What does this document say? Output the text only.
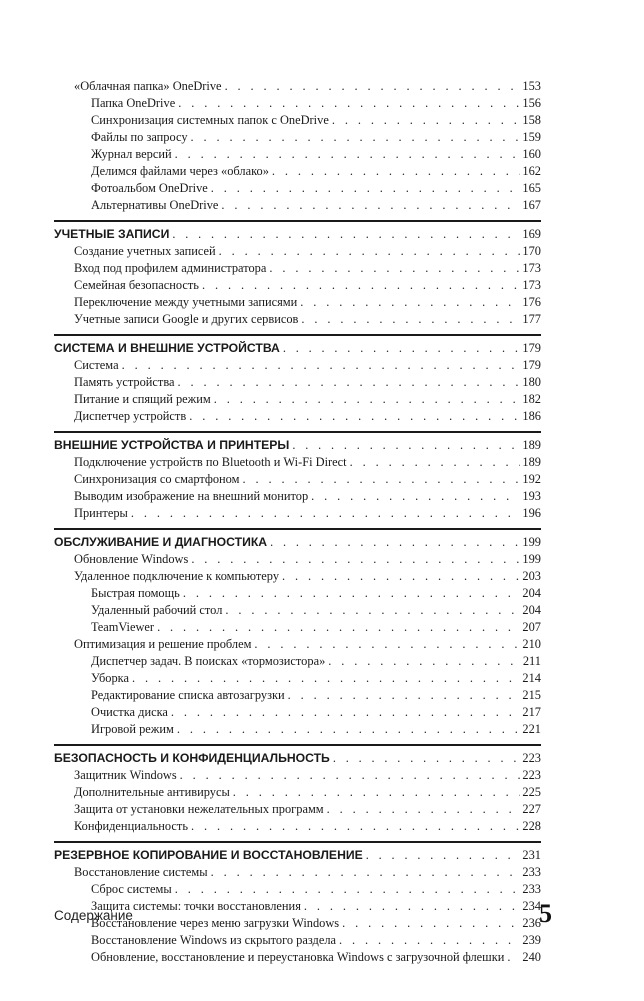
«Облачная папка» OneDrive . . .	153
Папка OneDrive . . .	156
Синхронизация системных папок с OneDrive . . .	158
Файлы по запросу . . .	159
Журнал версий . . .	160
Делимся файлами через «облако» . . .	162
Фотоальбом OneDrive . . .	165
Альтернативы OneDrive . . .	167
УЧЕТНЫЕ ЗАПИСИ . . .	169
Создание учетных записей . . .	170
Вход под профилем администратора . . .	173
Семейная безопасность . . .	173
Переключение между учетными записями . . .	176
Учетные записи Google и других сервисов . . .	177
СИСТЕМА И ВНЕШНИЕ УСТРОЙСТВА . . .	179
Система . . .	179
Память устройства . . .	180
Питание и спящий режим . . .	182
Диспетчер устройств . . .	186
ВНЕШНИЕ УСТРОЙСТВА И ПРИНТЕРЫ . . .	189
Подключение устройств по Bluetooth и Wi-Fi Direct . . .	189
Синхронизация со смартфоном . . .	192
Выводим изображение на внешний монитор . . .	193
Принтеры . . .	196
ОБСЛУЖИВАНИЕ И ДИАГНОСТИКА . . .	199
Обновление Windows . . .	199
Удаленное подключение к компьютеру . . .	203
Быстрая помощь . . .	204
Удаленный рабочий стол . . .	204
TeamViewer . . .	207
Оптимизация и решение проблем . . .	210
Диспетчер задач. В поисках «тормозистора» . . .	211
Уборка . . .	214
Редактирование списка автозагрузки . . .	215
Очистка диска . . .	217
Игровой режим . . .	221
БЕЗОПАСНОСТЬ И КОНФИДЕНЦИАЛЬНОСТЬ . . .	223
Защитник Windows . . .	223
Дополнительные антивирусы . . .	225
Защита от установки нежелательных программ . . .	227
Конфиденциальность . . .	228
РЕЗЕРВНОЕ КОПИРОВАНИЕ И ВОССТАНОВЛЕНИЕ . . .	231
Восстановление системы . . .	233
Сброс системы . . .	233
Защита системы: точки восстановления . . .	234
Восстановление через меню загрузки Windows . . .	236
Восстановление Windows из скрытого раздела . . .	239
Обновление, восстановление и переустановка Windows с загрузочной флешки . . . 240
Содержание	5
